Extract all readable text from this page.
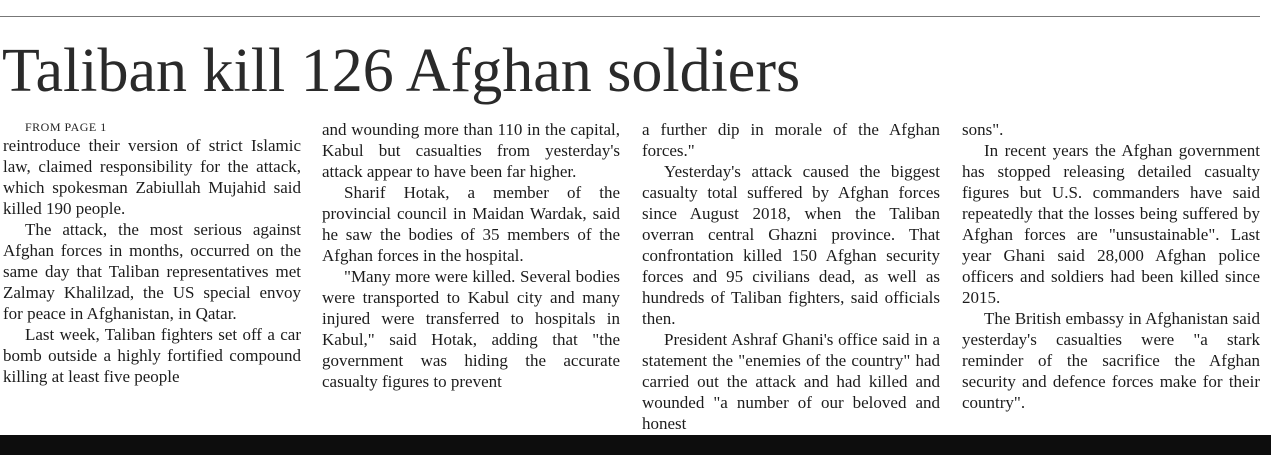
Taliban kill 126 Afghan soldiers

FROM PAGE 1

reintroduce their version of strict Islamic law, claimed responsibility for the attack, which spokesman Zabiullah Mujahid said killed 190 people.

The attack, the most serious against Afghan forces in months, occurred on the same day that Taliban representatives met Zalmay Khalilzad, the US special envoy for peace in Afghanistan, in Qatar.

Last week, Taliban fighters set off a car bomb outside a highly fortified compound killing at least five people

and wounding more than 110 in the capital, Kabul but casualties from yesterday's attack appear to have been far higher.

Sharif Hotak, a member of the provincial council in Maidan Wardak, said he saw the bodies of 35 members of the Afghan forces in the hospital.

"Many more were killed. Several bodies were transported to Kabul city and many injured were transferred to hospitals in Kabul," said Hotak, adding that "the government was hiding the accurate casualty figures to prevent

a further dip in morale of the Afghan forces."

Yesterday's attack caused the biggest casualty total suffered by Afghan forces since August 2018, when the Taliban overran central Ghazni province. That confrontation killed 150 Afghan security forces and 95 civilians dead, as well as hundreds of Taliban fighters, said officials then.

President Ashraf Ghani's office said in a statement the "enemies of the country" had carried out the attack and had killed and wounded "a number of our beloved and honest

sons".

In recent years the Afghan government has stopped releasing detailed casualty figures but U.S. commanders have said repeatedly that the losses being suffered by Afghan forces are "unsustainable". Last year Ghani said 28,000 Afghan police officers and soldiers had been killed since 2015.

The British embassy in Afghanistan said yesterday's casualties were "a stark reminder of the sacrifice the Afghan security and defence forces make for their country".
